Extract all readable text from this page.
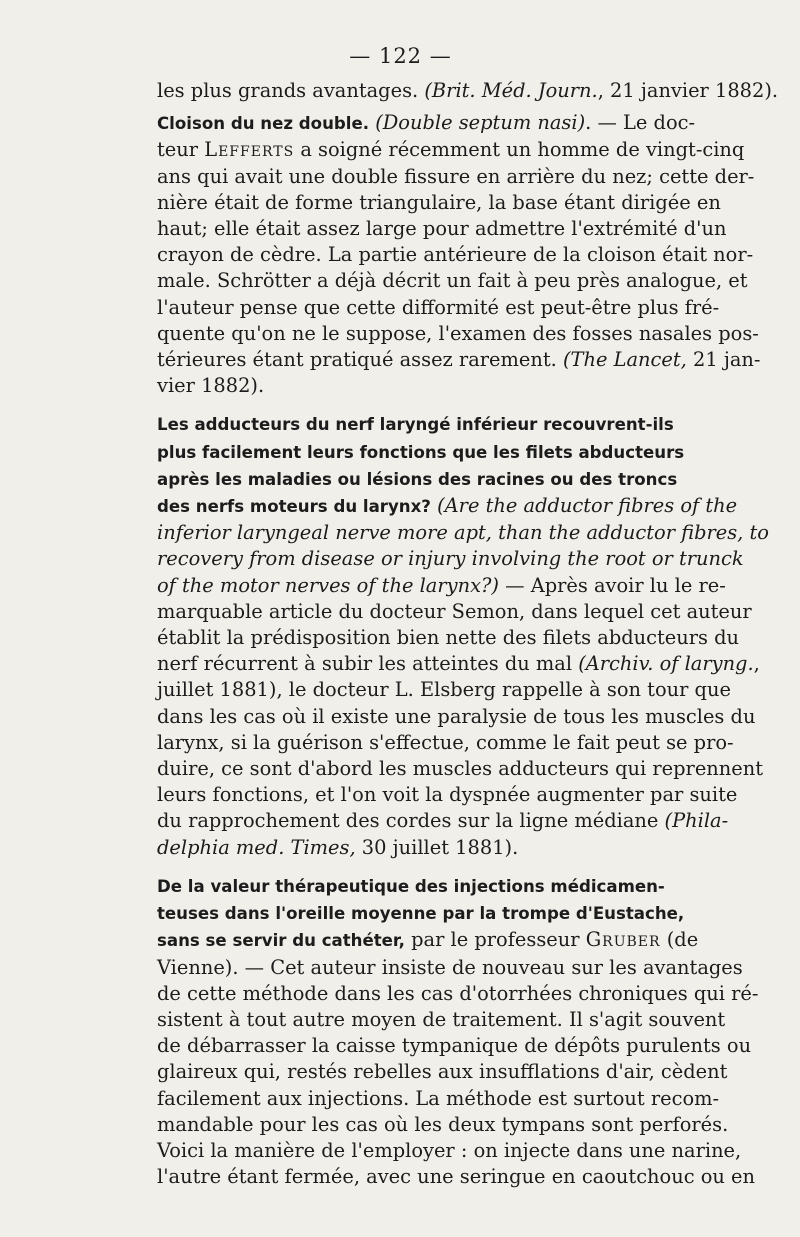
— 122 —
les plus grands avantages. (Brit. Méd. Journ., 21 janvier 1882).
Cloison du nez double. (Double septum nasi). — Le doc-
teur Lefferts a soigné récemment un homme de vingt-cinq
ans qui avait une double fissure en arrière du nez; cette der-
nière était de forme triangulaire, la base étant dirigée en
haut; elle était assez large pour admettre l'extrémité d'un
crayon de cèdre. La partie antérieure de la cloison était nor-
male. Schrötter a déjà décrit un fait à peu près analogue, et
l'auteur pense que cette difformité est peut-être plus fré-
quente qu'on ne le suppose, l'examen des fosses nasales pos-
térieures étant pratiqué assez rarement. (The Lancet, 21 jan-
vier 1882).
Les adducteurs du nerf laryngé inférieur recouvrent-ils
plus facilement leurs fonctions que les filets abducteurs
après les maladies ou lésions des racines ou des troncs
des nerfs moteurs du larynx? (Are the adductor fibres of the
inferior laryngeal nerve more apt, than the adductor fibres, to
recovery from disease or injury involving the root or trunck
of the motor nerves of the larynx?) — Après avoir lu le re-
marquable article du docteur Semon, dans lequel cet auteur
établit la prédisposition bien nette des filets abducteurs du
nerf récurrent à subir les atteintes du mal (Archiv. of laryng.,
juillet 1881), le docteur L. Elsberg rappelle à son tour que
dans les cas où il existe une paralysie de tous les muscles du
larynx, si la guérison s'effectue, comme le fait peut se pro-
duire, ce sont d'abord les muscles adducteurs qui reprennent
leurs fonctions, et l'on voit la dyspnée augmenter par suite
du rapprochement des cordes sur la ligne médiane (Phila-
delphia med. Times, 30 juillet 1881).
De la valeur thérapeutique des injections médicamen-
teuses dans l'oreille moyenne par la trompe d'Eustache,
sans se servir du cathéter, par le professeur Gruber (de
Vienne). — Cet auteur insiste de nouveau sur les avantages
de cette méthode dans les cas d'otorrhées chroniques qui ré-
sistent à tout autre moyen de traitement. Il s'agit souvent
de débarrasser la caisse tympanique de dépôts purulents ou
glaireux qui, restés rebelles aux insufflations d'air, cèdent
facilement aux injections. La méthode est surtout recom-
mandable pour les cas où les deux tympans sont perforés.
Voici la manière de l'employer : on injecte dans une narine,
l'autre étant fermée, avec une seringue en caoutchouc ou en
